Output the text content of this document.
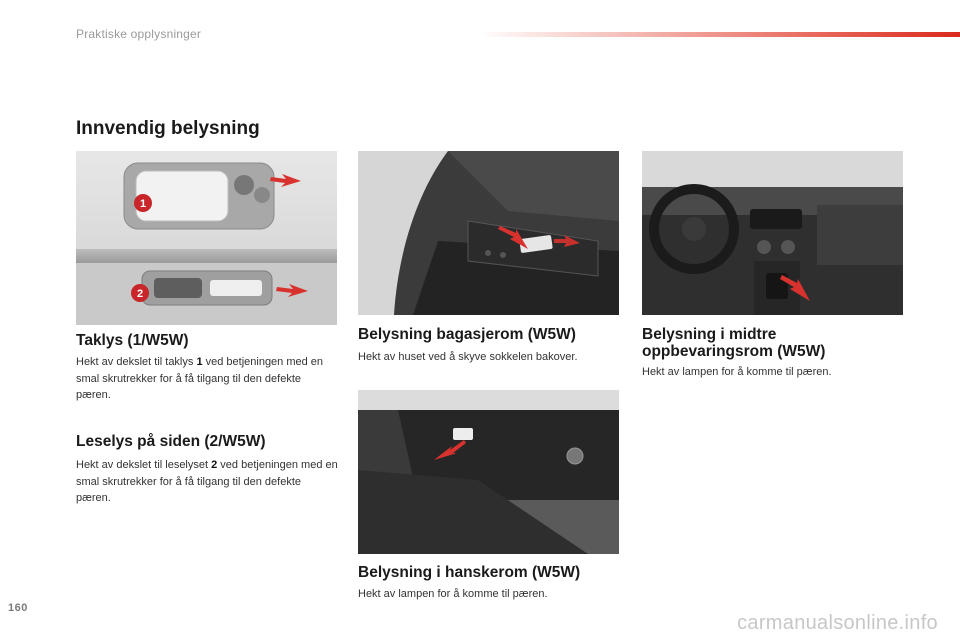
Praktiske opplysninger
Innvendig belysning
1
2
Taklys (1/W5W)

Hekt av dekslet til taklys 1 ved betjeningen med en smal skrutrekker for å få tilgang til den defekte pæren.

Leselys på siden (2/W5W)

Hekt av dekslet til leselyset 2 ved betjeningen med en smal skrutrekker for å få tilgang til den defekte pæren.

Belysning bagasjerom (W5W)

Hekt av huset ved å skyve sokkelen bakover.

Belysning i hanskerom (W5W)

Hekt av lampen for å komme til pæren.

Belysning i midtre
oppbevaringsrom (W5W)

Hekt av lampen for å komme til pæren.

160
carmanualsonline.info
